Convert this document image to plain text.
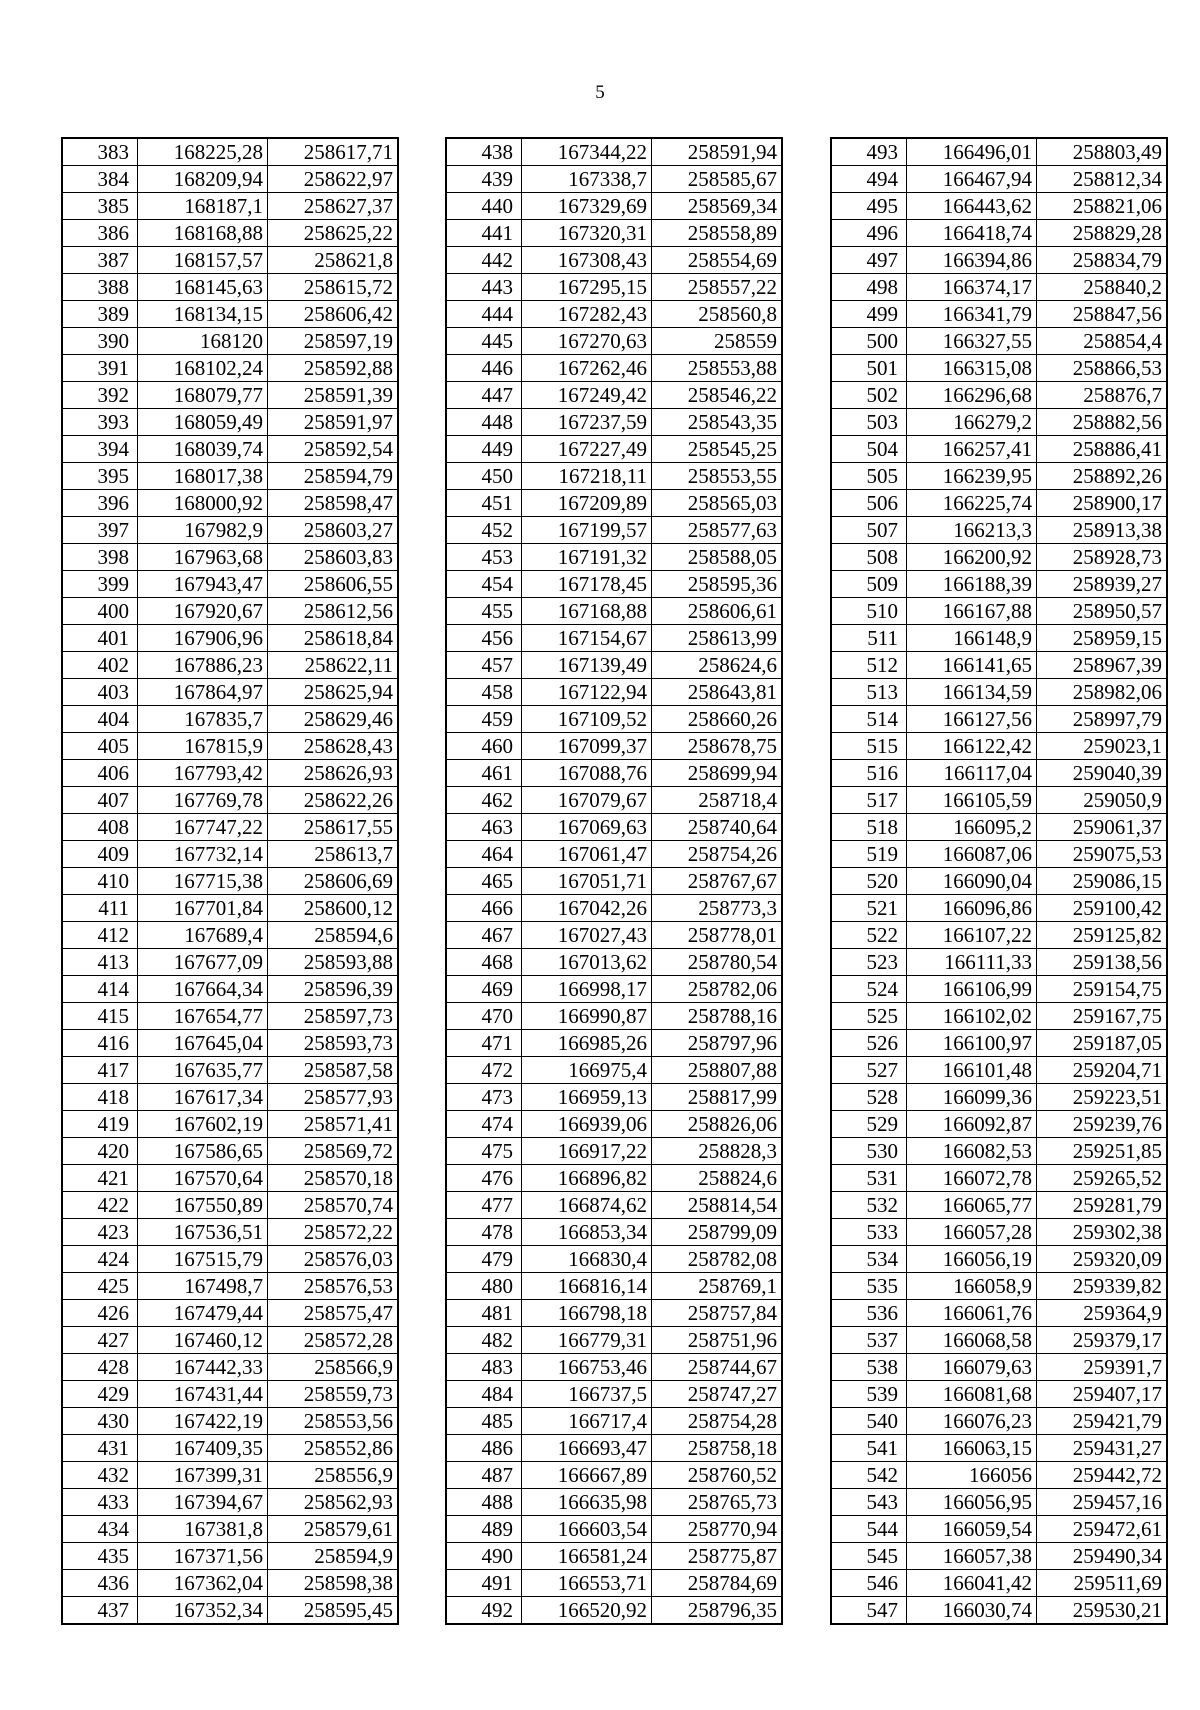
5
383	168225,28	258617,71
384	168209,94	258622,97
385	168187,1	258627,37
386	168168,88	258625,22
387	168157,57	258621,8
388	168145,63	258615,72
389	168134,15	258606,42
390	168120	258597,19
391	168102,24	258592,88
392	168079,77	258591,39
393	168059,49	258591,97
394	168039,74	258592,54
395	168017,38	258594,79
396	168000,92	258598,47
397	167982,9	258603,27
398	167963,68	258603,83
399	167943,47	258606,55
400	167920,67	258612,56
401	167906,96	258618,84
402	167886,23	258622,11
403	167864,97	258625,94
404	167835,7	258629,46
405	167815,9	258628,43
406	167793,42	258626,93
407	167769,78	258622,26
408	167747,22	258617,55
409	167732,14	258613,7
410	167715,38	258606,69
411	167701,84	258600,12
412	167689,4	258594,6
413	167677,09	258593,88
414	167664,34	258596,39
415	167654,77	258597,73
416	167645,04	258593,73
417	167635,77	258587,58
418	167617,34	258577,93
419	167602,19	258571,41
420	167586,65	258569,72
421	167570,64	258570,18
422	167550,89	258570,74
423	167536,51	258572,22
424	167515,79	258576,03
425	167498,7	258576,53
426	167479,44	258575,47
427	167460,12	258572,28
428	167442,33	258566,9
429	167431,44	258559,73
430	167422,19	258553,56
431	167409,35	258552,86
432	167399,31	258556,9
433	167394,67	258562,93
434	167381,8	258579,61
435	167371,56	258594,9
436	167362,04	258598,38
437	167352,34	258595,45
438	167344,22	258591,94
439	167338,7	258585,67
440	167329,69	258569,34
441	167320,31	258558,89
442	167308,43	258554,69
443	167295,15	258557,22
444	167282,43	258560,8
445	167270,63	258559
446	167262,46	258553,88
447	167249,42	258546,22
448	167237,59	258543,35
449	167227,49	258545,25
450	167218,11	258553,55
451	167209,89	258565,03
452	167199,57	258577,63
453	167191,32	258588,05
454	167178,45	258595,36
455	167168,88	258606,61
456	167154,67	258613,99
457	167139,49	258624,6
458	167122,94	258643,81
459	167109,52	258660,26
460	167099,37	258678,75
461	167088,76	258699,94
462	167079,67	258718,4
463	167069,63	258740,64
464	167061,47	258754,26
465	167051,71	258767,67
466	167042,26	258773,3
467	167027,43	258778,01
468	167013,62	258780,54
469	166998,17	258782,06
470	166990,87	258788,16
471	166985,26	258797,96
472	166975,4	258807,88
473	166959,13	258817,99
474	166939,06	258826,06
475	166917,22	258828,3
476	166896,82	258824,6
477	166874,62	258814,54
478	166853,34	258799,09
479	166830,4	258782,08
480	166816,14	258769,1
481	166798,18	258757,84
482	166779,31	258751,96
483	166753,46	258744,67
484	166737,5	258747,27
485	166717,4	258754,28
486	166693,47	258758,18
487	166667,89	258760,52
488	166635,98	258765,73
489	166603,54	258770,94
490	166581,24	258775,87
491	166553,71	258784,69
492	166520,92	258796,35
493	166496,01	258803,49
494	166467,94	258812,34
495	166443,62	258821,06
496	166418,74	258829,28
497	166394,86	258834,79
498	166374,17	258840,2
499	166341,79	258847,56
500	166327,55	258854,4
501	166315,08	258866,53
502	166296,68	258876,7
503	166279,2	258882,56
504	166257,41	258886,41
505	166239,95	258892,26
506	166225,74	258900,17
507	166213,3	258913,38
508	166200,92	258928,73
509	166188,39	258939,27
510	166167,88	258950,57
511	166148,9	258959,15
512	166141,65	258967,39
513	166134,59	258982,06
514	166127,56	258997,79
515	166122,42	259023,1
516	166117,04	259040,39
517	166105,59	259050,9
518	166095,2	259061,37
519	166087,06	259075,53
520	166090,04	259086,15
521	166096,86	259100,42
522	166107,22	259125,82
523	166111,33	259138,56
524	166106,99	259154,75
525	166102,02	259167,75
526	166100,97	259187,05
527	166101,48	259204,71
528	166099,36	259223,51
529	166092,87	259239,76
530	166082,53	259251,85
531	166072,78	259265,52
532	166065,77	259281,79
533	166057,28	259302,38
534	166056,19	259320,09
535	166058,9	259339,82
536	166061,76	259364,9
537	166068,58	259379,17
538	166079,63	259391,7
539	166081,68	259407,17
540	166076,23	259421,79
541	166063,15	259431,27
542	166056	259442,72
543	166056,95	259457,16
544	166059,54	259472,61
545	166057,38	259490,34
546	166041,42	259511,69
547	166030,74	259530,21
